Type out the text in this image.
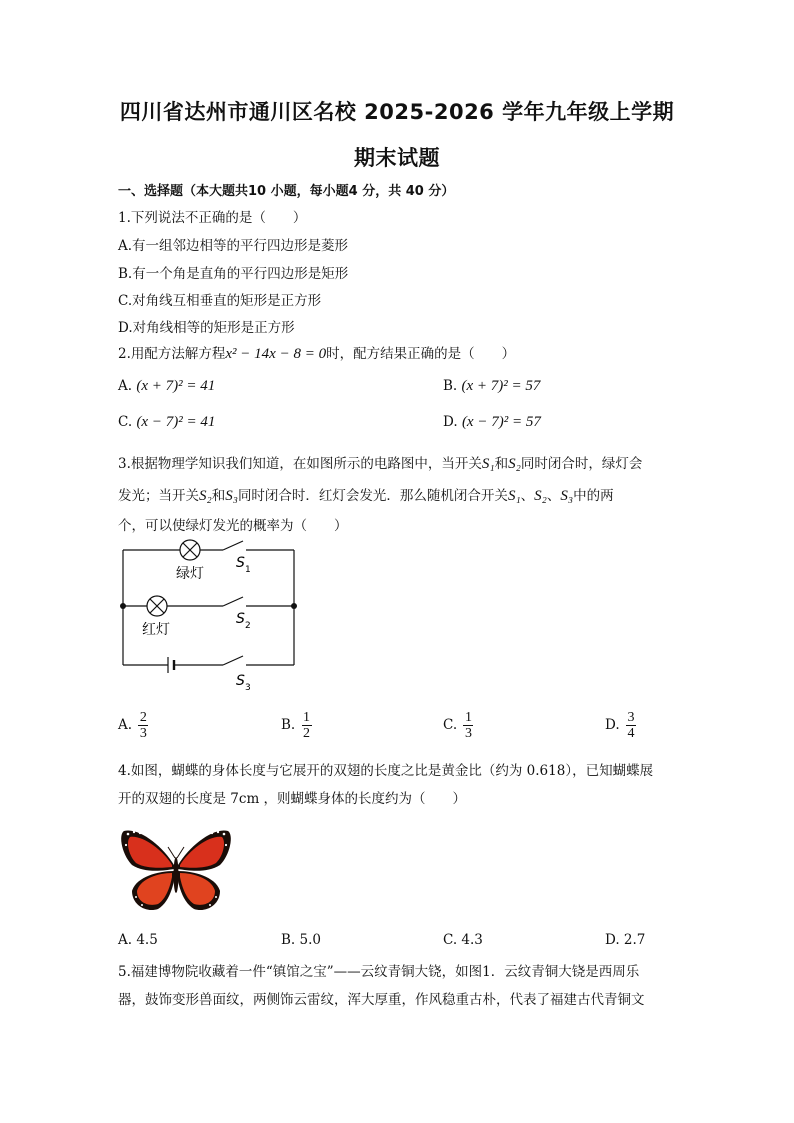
四川省达州市通川区名校 2025-2026 学年九年级上学期
期末试题
一、选择题（本大题共10 小题，每小题4 分，共 40 分）
1.下列说法不正确的是（　　）
A.有一组邻边相等的平行四边形是菱形
B.有一个角是直角的平行四边形是矩形
C.对角线互相垂直的矩形是正方形
D.对角线相等的矩形是正方形
2.用配方法解方程x² − 14x − 8 = 0时，配方结果正确的是（　　）
A. (x + 7)² = 41	B. (x + 7)² = 57
C. (x − 7)² = 41	D. (x − 7)² = 57
3.根据物理学知识我们知道，在如图所示的电路图中，当开关S₁和S₂同时闭合时，绿灯会
发光；当开关S₂和S₃同时闭合时．红灯会发光．那么随机闭合开关S₁、S₂、S₃中的两
个，可以使绿灯发光的概率为（　　）
绿灯
红灯
S 1
S 2
S 3
A. $\frac{2}{3}$	B. $\frac{1}{2}$	C. $\frac{1}{3}$	D. $\frac{3}{4}$
4.如图，蝴蝶的身体长度与它展开的双翅的长度之比是黄金比（约为 0.618），已知蝴蝶展
开的双翅的长度是 7cm ，则蝴蝶身体的长度约为（　　）
A. 4.5	B. 5.0	C. 4.3	D. 2.7
5.福建博物院收藏着一件“镇馆之宝”——云纹青铜大铙，如图1．云纹青铜大铙是西周乐
器，鼓饰变形兽面纹，两侧饰云雷纹，浑大厚重，作风稳重古朴，代表了福建古代青铜文
